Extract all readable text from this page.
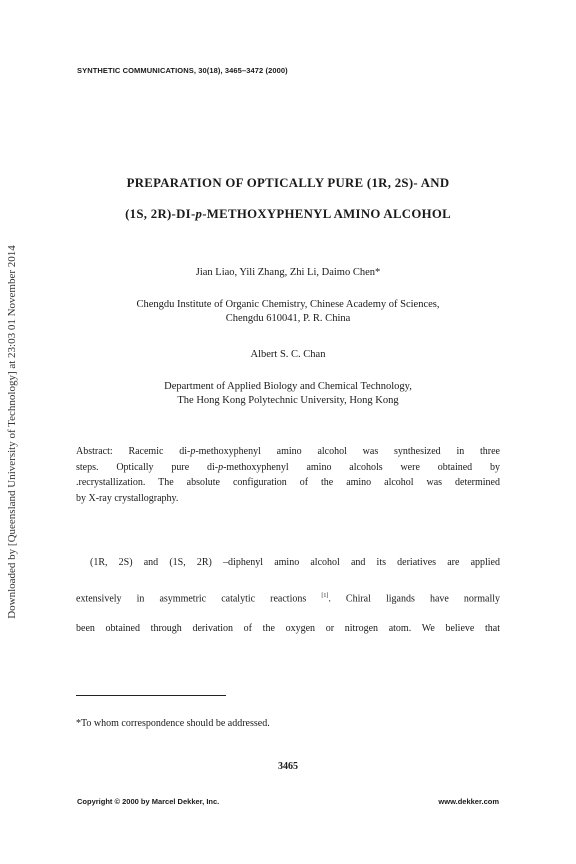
Downloaded by [Queensland University of Technology] at 23:03 01 November 2014
SYNTHETIC COMMUNICATIONS, 30(18), 3465–3472 (2000)
PREPARATION OF OPTICALLY PURE (1R, 2S)- AND
(1S, 2R)-DI-p-METHOXYPHENYL AMINO ALCOHOL
Jian Liao, Yili Zhang, Zhi Li, Daimo Chen*
Chengdu Institute of Organic Chemistry, Chinese Academy of Sciences,
Chengdu 610041, P. R. China
Albert S. C. Chan
Department of Applied Biology and Chemical Technology,
The Hong Kong Polytechnic University, Hong Kong
Abstract: Racemic di-p-methoxyphenyl amino alcohol was synthesized in three
steps. Optically pure di-p-methoxyphenyl amino alcohols were obtained by
.recrystallization. The absolute configuration of the amino alcohol was determined
by X-ray crystallography.
(1R, 2S) and (1S, 2R) –diphenyl amino alcohol and its deriatives are applied
extensively in asymmetric catalytic reactions [1]. Chiral ligands have normally
been obtained through derivation of the oxygen or nitrogen atom. We believe that
*To whom correspondence should be addressed.
3465
Copyright © 2000 by Marcel Dekker, Inc.	www.dekker.com
